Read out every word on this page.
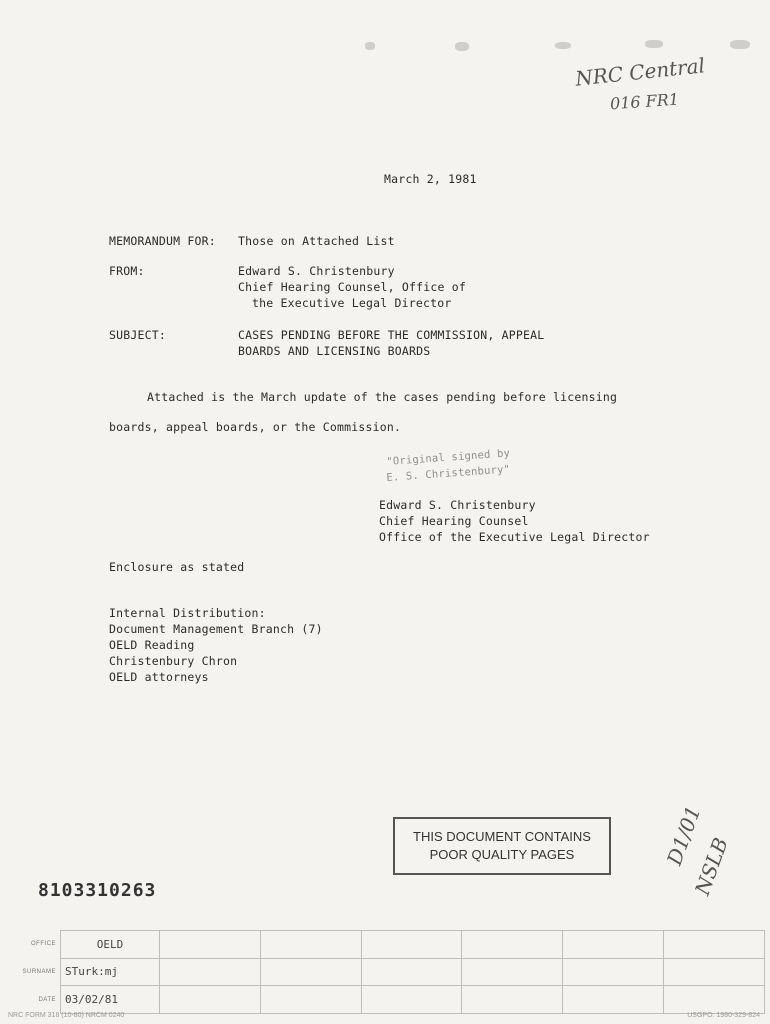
NRC Central
016 FR1
March 2, 1981
MEMORANDUM FOR: Those on Attached List
FROM:	Edward S. Christenbury
Chief Hearing Counsel, Office of
the Executive Legal Director
SUBJECT:	CASES PENDING BEFORE THE COMMISSION, APPEAL
BOARDS AND LICENSING BOARDS
Attached is the March update of the cases pending before licensing
boards, appeal boards, or the Commission.
"Original signed by
E. S. Christenbury"
Edward S. Christenbury
Chief Hearing Counsel
Office of the Executive Legal Director
Enclosure as stated
Internal Distribution:
Document Management Branch (7)
OELD Reading
Christenbury Chron
OELD attorneys
THIS DOCUMENT CONTAINS
POOR QUALITY PAGES	D1/01
NSLB
8103310263
OFFICE	OELD						
SURNAME	STurk:mj						
DATE	03/02/81						
NRC FORM 318 (10-80) NRCM 0240	USGPO: 1980-329-824
